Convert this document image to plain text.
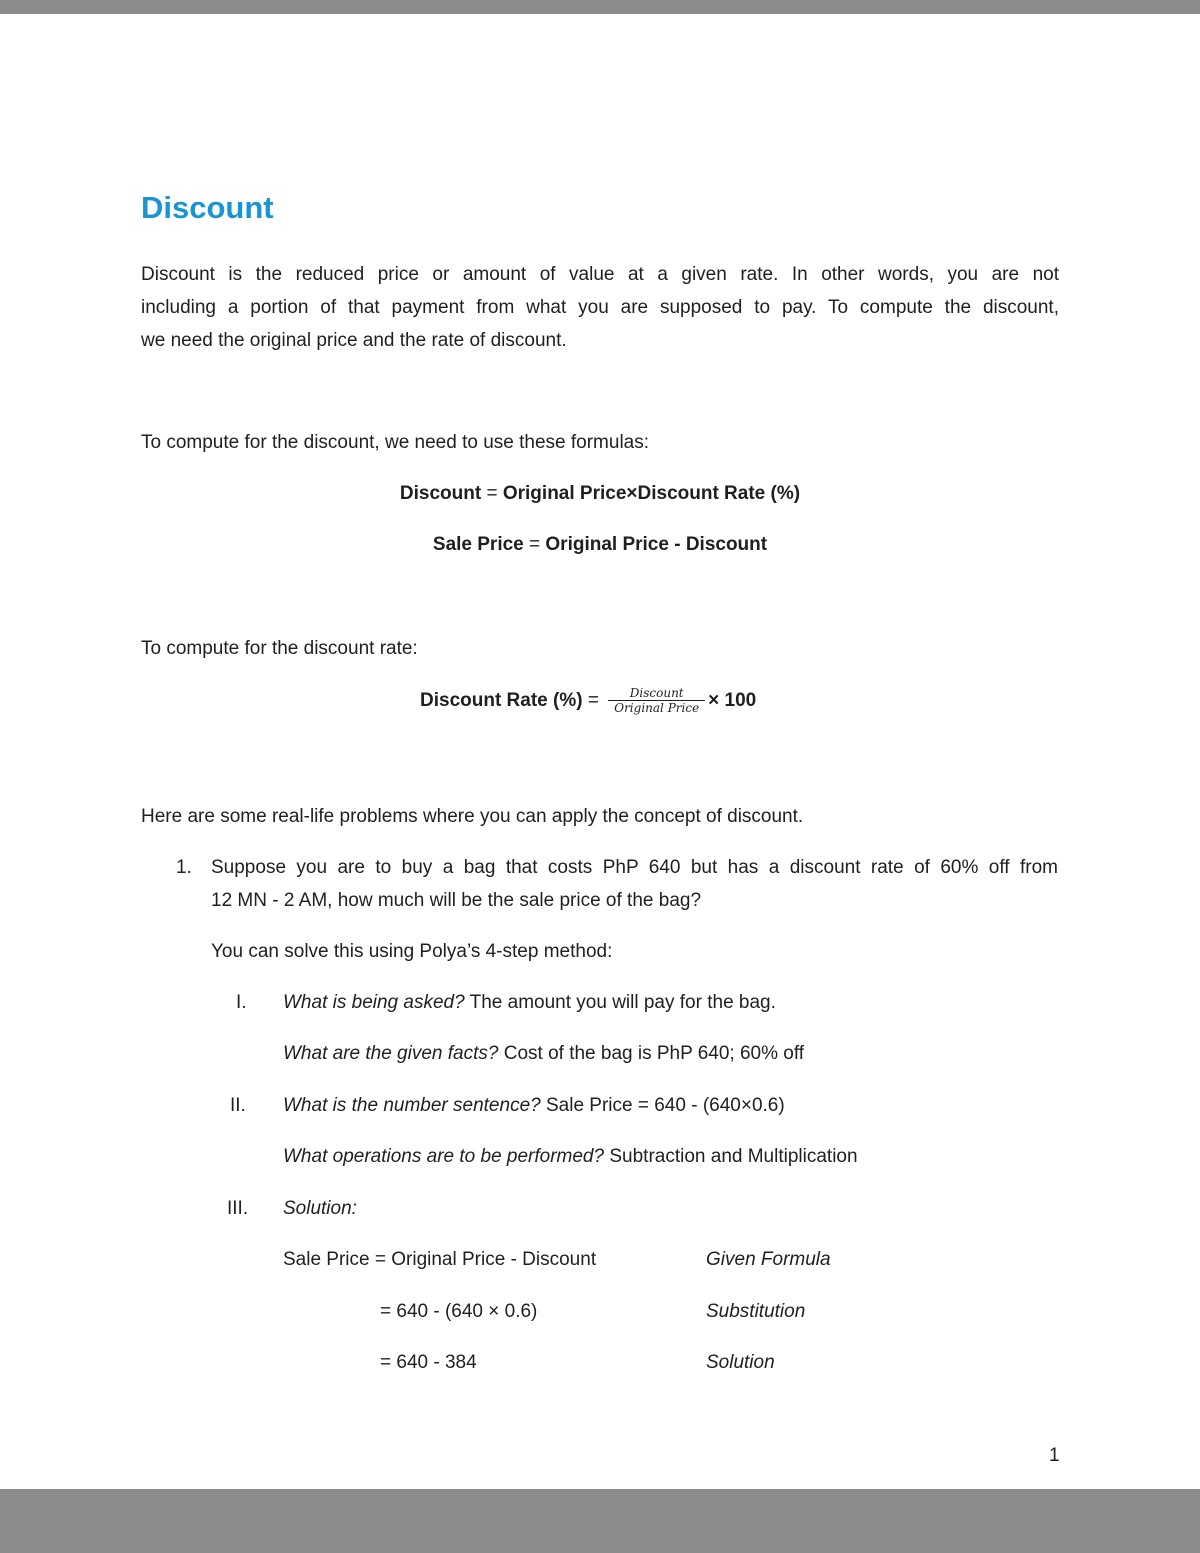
Discount
Discount is the reduced price or amount of value at a given rate. In other words, you are not
including a portion of that payment from what you are supposed to pay. To compute the discount,
we need the original price and the rate of discount.
To compute for the discount, we need to use these formulas:
Discount = Original Price×Discount Rate (%)
Sale Price = Original Price - Discount
To compute for the discount rate:
Discount Rate (%) = $\frac{\text{Discount}}{\text{Original Price}} \times 100$
Here are some real-life problems where you can apply the concept of discount.
1. Suppose you are to buy a bag that costs PhP 640 but has a discount rate of 60% off from
12 MN - 2 AM, how much will be the sale price of the bag?
You can solve this using Polya’s 4-step method:
I. What is being asked? The amount you will pay for the bag.
What are the given facts? Cost of the bag is PhP 640; 60% off
II. What is the number sentence? Sale Price = 640 - (640×0.6)
What operations are to be performed? Subtraction and Multiplication
III. Solution:
Sale Price = Original Price - Discount	Given Formula
= 640 - (640 × 0.6)	Substitution
= 640 - 384	Solution
1
